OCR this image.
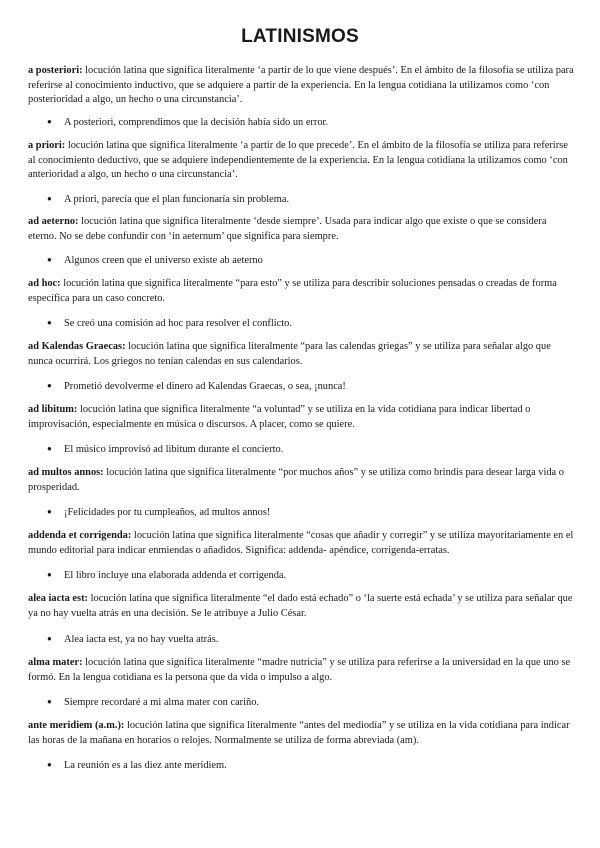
LATINISMOS

a posteriori: locución latina que significa literalmente ‘a partir de lo que viene después’. En el ámbito de la filosofía se utiliza para referirse al conocimiento inductivo, que se adquiere a partir de la experiencia. En la lengua cotidiana la utilizamos como ‘con posterioridad a algo, un hecho o una circunstancia’.

● A posteriori, comprendimos que la decisión había sido un error.

a priori: locución latina que significa literalmente ‘a partir de lo que precede’. En el ámbito de la filosofía se utiliza para referirse al conocimiento deductivo, que se adquiere independientemente de la experiencia. En la lengua cotidiana la utilizamos como ‘con anterioridad a algo, un hecho o una circunstancia’.

● A priori, parecía que el plan funcionaría sin problema.

ad aeterno: locución latina que significa literalmente ‘desde siempre’. Usada para indicar algo que existe o que se considera eterno. No se debe confundir con ‘in aeternum’ que significa para siempre.

● Algunos creen que el universo existe ab aeterno

ad hoc: locución latina que significa literalmente “para esto” y se utiliza para describir soluciones pensadas o creadas de forma específica para un caso concreto.

● Se creó una comisión ad hoc para resolver el conflicto.

ad Kalendas Graecas: locución latina que significa literalmente “para las calendas griegas” y se utiliza para señalar algo que nunca ocurrirá. Los griegos no tenían calendas en sus calendarios.

● Prometió devolverme el dinero ad Kalendas Graecas, o sea, ¡nunca!

ad libitum: locución latina que significa literalmente “a voluntad” y se utiliza en la vida cotidiana para indicar libertad o improvisación, especialmente en música o discursos. A placer, como se quiere.

● El músico improvisó ad libitum durante el concierto.

ad multos annos: locución latina que significa literalmente “por muchos años” y se utiliza como brindis para desear larga vida o prosperidad.

● ¡Felicidades por tu cumpleaños, ad multos annos!

addenda et corrigenda: locución latina que significa literalmente “cosas que añadir y corregir” y se utiliza mayoritariamente en el mundo editorial para indicar enmiendas o añadidos. Significa: addenda- apéndice, corrigenda-erratas.

● El libro incluye una elaborada addenda et corrigenda.

alea iacta est: locución latina que significa literalmente “el dado está echado” o ‘la suerte está echada’ y se utiliza para señalar que ya no hay vuelta atrás en una decisión. Se le atribuye a Julio César.

● Alea iacta est, ya no hay vuelta atrás.

alma mater: locución latina que significa literalmente “madre nutricia” y se utiliza para referirse a la universidad en la que uno se formó. En la lengua cotidiana es la persona que da vida o impulso a algo.

● Siempre recordaré a mi alma mater con cariño.

ante meridiem (a.m.): locución latina que significa literalmente “antes del mediodía” y se utiliza en la vida cotidiana para indicar las horas de la mañana en horarios o relojes. Normalmente se utiliza de forma abreviada (am).

● La reunión es a las diez ante meridiem.
